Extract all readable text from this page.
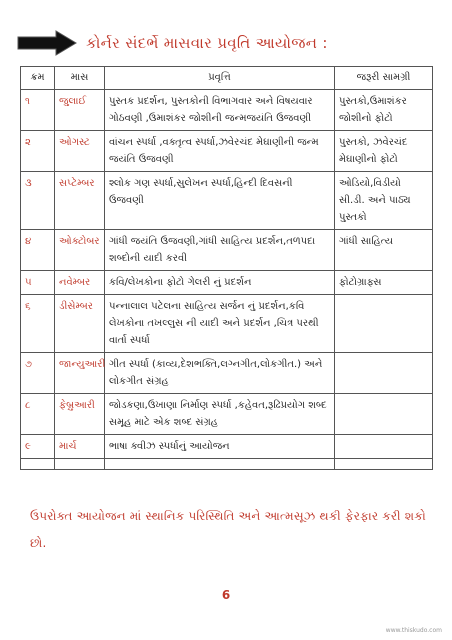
કોર્નર સંદર્ભે માસવાર પ્રવૃતિ આયોજન :
ક્રમ	માસ	પ્રવૃત્તિ	જરૂરી સામગ્રી
૧	જુલાઈ	પુસ્તક પ્રદર્શન, પુસ્તકોની વિભાગવાર અને વિષયવાર ગોઠવણી ,ઉમાશંકર જોશીની જન્મજયંતિ ઉજવણી	પુસ્તકો,ઉમાશંકર જોશીનો ફોટો
૨	ઓગસ્ટ	વાંચન સ્પર્ધા ,વક્તૃત્વ સ્પર્ધા,ઝવેરચંદ મેઘાણીની જન્મ જયંતિ ઉજવણી	પુસ્તકો, ઝવેરચંદ મેઘાણીનો ફોટો
૩	સપ્ટેમ્બર	શ્લોક ગણ સ્પર્ધા,સુલેખન સ્પર્ધા,હિન્દી દિવસની ઉજવણી	ઓડિયો,વિડીયો સી.ડી. અને પાઠ્ય પુસ્તકો
૪	ઓક્ટોબર	ગાંધી જયંતિ ઉજવણી,ગાંધી સાહિત્ય પ્રદર્શન,તળપદા શબ્દોની યાદી કરવી	ગાંધી સાહિત્ય
૫	નવેમ્બર	કવિ/લેખકોના ફોટો ગેલરી નું પ્રદર્શન	ફોટોગ્રાફ્સ
૬	ડીસેમ્બર	પન્નાલાલ પટેલના સાહિત્ય સર્જન નું પ્રદર્શન,કવિ લેખકોના તખલ્લુસ ની યાદી અને પ્રદર્શન ,ચિત્ર પરથી વાર્તા સ્પર્ધા	
૭	જાન્યુઆરી	ગીત સ્પર્ધા (કાવ્ય,દેશભક્તિ,લગ્નગીત,લોકગીત.) અને લોકગીત સંગ્રહ	
૮	ફેબ્રુઆરી	જોડકણા,ઉખાણા નિર્માણ સ્પર્ધા ,કહેવત,રૂઢિપ્રયોગ શબ્દ સમૂહ માટે એક શબ્દ સંગ્રહ	
૯	માર્ચ	ભાષા ક્વીઝ સ્પર્ધાનું આયોજન	

ઉપરોક્ત આયોજન માં સ્થાનિક પરિસ્થિતિ અને આત્મસૂઝ થકી ફેરફાર કરી શકો છો.
6
www.thiskudo.com
